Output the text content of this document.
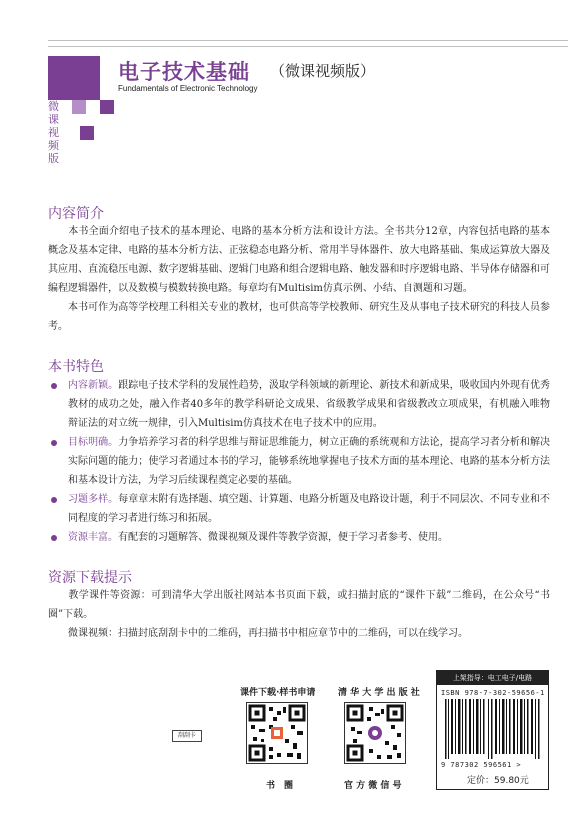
微课视频版
电子技术基础 （微课视频版）
Fundamentals of Electronic Technology
内容简介
本书全面介绍电子技术的基本理论、电路的基本分析方法和设计方法。全书共分12章，内容包括电路的基本概念及基本定律、电路的基本分析方法、正弦稳态电路分析、常用半导体器件、放大电路基础、集成运算放大器及其应用、直流稳压电源、数字逻辑基础、逻辑门电路和组合逻辑电路、触发器和时序逻辑电路、半导体存储器和可编程逻辑器件，以及数模与模数转换电路。每章均有Multisim仿真示例、小结、自测题和习题。
本书可作为高等学校理工科相关专业的教材，也可供高等学校教师、研究生及从事电子技术研究的科技人员参考。
本书特色
内容新颖。跟踪电子技术学科的发展性趋势，汲取学科领域的新理论、新技术和新成果，吸收国内外现有优秀教材的成功之处，融入作者40多年的教学科研论文成果、省级教学成果和省级教改立项成果，有机融入唯物辩证法的对立统一规律，引入Multisim仿真技术在电子技术中的应用。
目标明确。力争培养学习者的科学思维与辩证思维能力，树立正确的系统观和方法论，提高学习者分析和解决实际问题的能力；使学习者通过本书的学习，能够系统地掌握电子技术方面的基本理论、电路的基本分析方法和基本设计方法，为学习后续课程奠定必要的基础。
习题多样。每章章末附有选择题、填空题、计算题、电路分析题及电路设计题，利于不同层次、不同专业和不同程度的学习者进行练习和拓展。
资源丰富。有配套的习题解答、微课视频及课件等教学资源，便于学习者参考、使用。
资源下载提示
教学课件等资源：可到清华大学出版社网站本书页面下载，或扫描封底的“课件下载”二维码，在公众号“书圈”下载。
微课视频：扫描封底刮刮卡中的二维码，再扫描书中相应章节中的二维码，可以在线学习。
课件下载·样书申请
书　圈
清 华 大 学 出 版 社
官 方 微 信 号
刮刮卡
上架指导：电工电子/电路
ISBN 978-7-302-59656-1
9 787302 596561 >
定价：59.80元
